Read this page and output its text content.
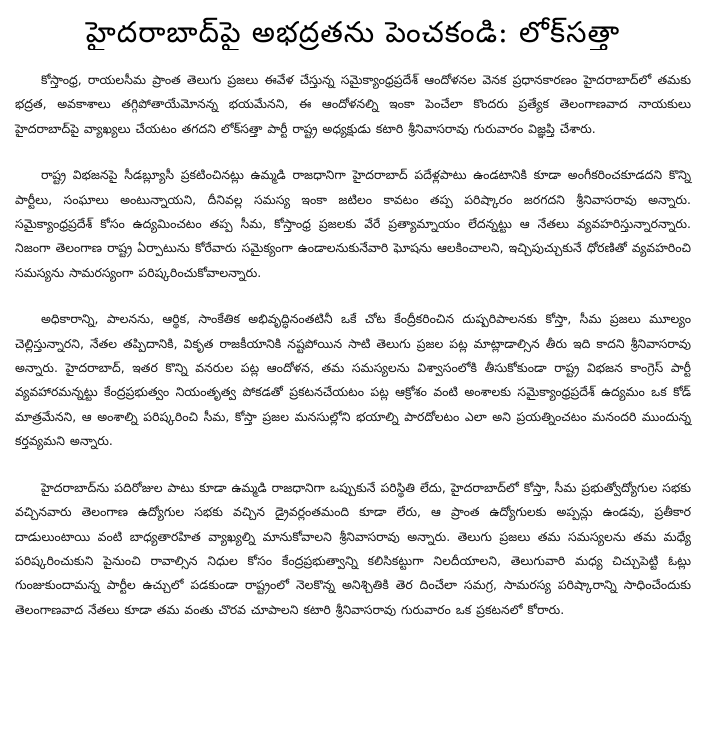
హైదరాబాద్‌పై అభద్రతను పెంచకండి: లోక్‌సత్తా

కోస్తాంధ్ర, రాయలసీమ ప్రాంత తెలుగు ప్రజలు ఈవేళ చేస్తున్న సమైక్యాంధ్రప్రదేశ్ ఆందోళనల వెనక ప్రధానకారణం హైదరాబాద్‌లో తమకు భద్రత, అవకాశాలు తగ్గిపోతాయేమోనన్న భయమేనని, ఈ ఆందోళనల్ని ఇంకా పెంచేలా కొందరు ప్రత్యేక తెలంగాణవాద నాయకులు హైదరాబాద్‌పై వ్యాఖ్యలు చేయటం తగదని లోక్‌సత్తా పార్టీ రాష్ట్ర అధ్యక్షుడు కటారి శ్రీనివాసరావు గురువారం విజ్ఞప్తి చేశారు.

రాష్ట్ర విభజనపై సీడబ్ల్యూసీ ప్రకటించినట్లు ఉమ్మడి రాజధానిగా హైదరాబాద్ పదేళ్లపాటు ఉండటానికి కూడా అంగీకరించకూడదని కొన్ని పార్టీలు, సంఘాలు అంటున్నాయని, దీనివల్ల సమస్య ఇంకా జటిలం కావటం తప్ప పరిష్కారం జరగదని శ్రీనివాసరావు అన్నారు. సమైక్యాంధ్రప్రదేశ్ కోసం ఉద్యమించటం తప్ప సీమ, కోస్తాంధ్ర ప్రజలకు వేరే ప్రత్యామ్నాయం లేదన్నట్టు ఆ నేతలు వ్యవహరిస్తున్నారన్నారు. నిజంగా తెలంగాణ రాష్ట్ర ఏర్పాటును కోరేవారు సమైక్యంగా ఉండాలనుకునేవారి ఘోషను ఆలకించాలని, ఇచ్చిపుచ్చుకునే ధోరణితో వ్యవహరించి సమస్యను సామరస్యంగా పరిష్కరించుకోవాలన్నారు.

అధికారాన్ని, పాలనను, ఆర్థిక, సాంకేతిక అభివృద్ధినంతటినీ ఒకే చోట కేంద్రీకరించిన దుష్పరిపాలనకు కోస్తా, సీమ ప్రజలు మూల్యం చెల్లిస్తున్నారని, నేతల తప్పిదానికి, వికృత రాజకీయానికి నష్టపోయిన సాటి తెలుగు ప్రజల పట్ల మాట్లాడాల్సిన తీరు ఇది కాదని శ్రీనివాసరావు అన్నారు. హైదరాబాద్, ఇతర కొన్ని వనరుల పట్ల ఆందోళన, తమ సమస్యలను విశ్వాసంలోకి తీసుకోకుండా రాష్ట్ర విభజన కాంగ్రెస్ పార్టీ వ్యవహారమన్నట్టు కేంద్రప్రభుత్వం నియంతృత్వ పోకడతో ప్రకటనచేయటం పట్ల ఆక్రోశం వంటి అంశాలకు సమైక్యాంధ్రప్రదేశ్ ఉద్యమం ఒక కోడ్ మాత్రమేనని, ఆ అంశాల్ని పరిష్కరించి సీమ, కోస్తా ప్రజల మనసుల్లోని భయాల్ని పారదోలటం ఎలా అని ప్రయత్నించటం మనందరి ముందున్న కర్తవ్యమని అన్నారు.

హైదరాబాద్‌ను పదిరోజుల పాటు కూడా ఉమ్మడి రాజధానిగా ఒప్పుకునే పరిస్థితి లేదు, హైదరాబాద్‌లో కోస్తా, సీమ ప్రభుత్వోద్యోగుల సభకు వచ్చినవారు తెలంగాణ ఉద్యోగుల సభకు వచ్చిన డ్రైవర్లంతమంది కూడా లేరు, ఆ ప్రాంత ఉద్యోగులకు అప్పన్లు ఉండవు, ప్రతీకార దాడులుంటాయి వంటి బాధ్యతారహిత వ్యాఖ్యల్ని మానుకోవాలని శ్రీనివాసరావు అన్నారు. తెలుగు ప్రజలు తమ సమస్యలను తమ మధ్యే పరిష్కరించుకుని పైనుంచి రావాల్సిన నిధుల కోసం కేంద్రప్రభుత్వాన్ని కలిసికట్టుగా నిలదీయాలని, తెలుగువారి మధ్య చిచ్చుపెట్టి ఓట్లు గుంజుకుందామన్న పార్టీల ఉచ్చులో పడకుండా రాష్ట్రంలో నెలకొన్న అనిశ్చితికి తెర దించేలా సమగ్ర, సామరస్య పరిష్కారాన్ని సాధించేందుకు తెలంగాణవాద నేతలు కూడా తమ వంతు చొరవ చూపాలని కటారి శ్రీనివాసరావు గురువారం ఒక ప్రకటనలో కోరారు.
